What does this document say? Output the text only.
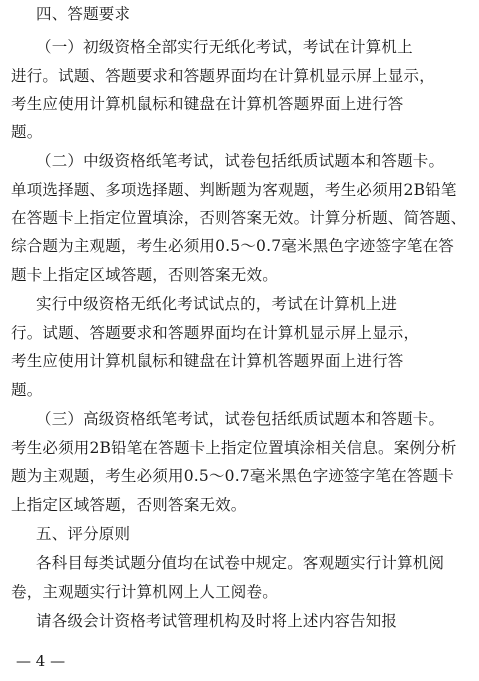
四、答题要求
（一）初级资格全部实行无纸化考试，考试在计算机上
进行。试题、答题要求和答题界面均在计算机显示屏上显示，
考生应使用计算机鼠标和键盘在计算机答题界面上进行答
题。
（二）中级资格纸笔考试，试卷包括纸质试题本和答题卡。
单项选择题、多项选择题、判断题为客观题，考生必须用2B铅笔
在答题卡上指定位置填涂，否则答案无效。计算分析题、简答题、
综合题为主观题，考生必须用0.5～0.7毫米黑色字迹签字笔在答
题卡上指定区域答题，否则答案无效。
实行中级资格无纸化考试试点的，考试在计算机上进
行。试题、答题要求和答题界面均在计算机显示屏上显示，
考生应使用计算机鼠标和键盘在计算机答题界面上进行答
题。
（三）高级资格纸笔考试，试卷包括纸质试题本和答题卡。
考生必须用2B铅笔在答题卡上指定位置填涂相关信息。案例分析
题为主观题，考生必须用0.5～0.7毫米黑色字迹签字笔在答题卡
上指定区域答题，否则答案无效。
五、评分原则
各科目每类试题分值均在试卷中规定。客观题实行计算机阅
卷，主观题实行计算机网上人工阅卷。
请各级会计资格考试管理机构及时将上述内容告知报
— 4 —
